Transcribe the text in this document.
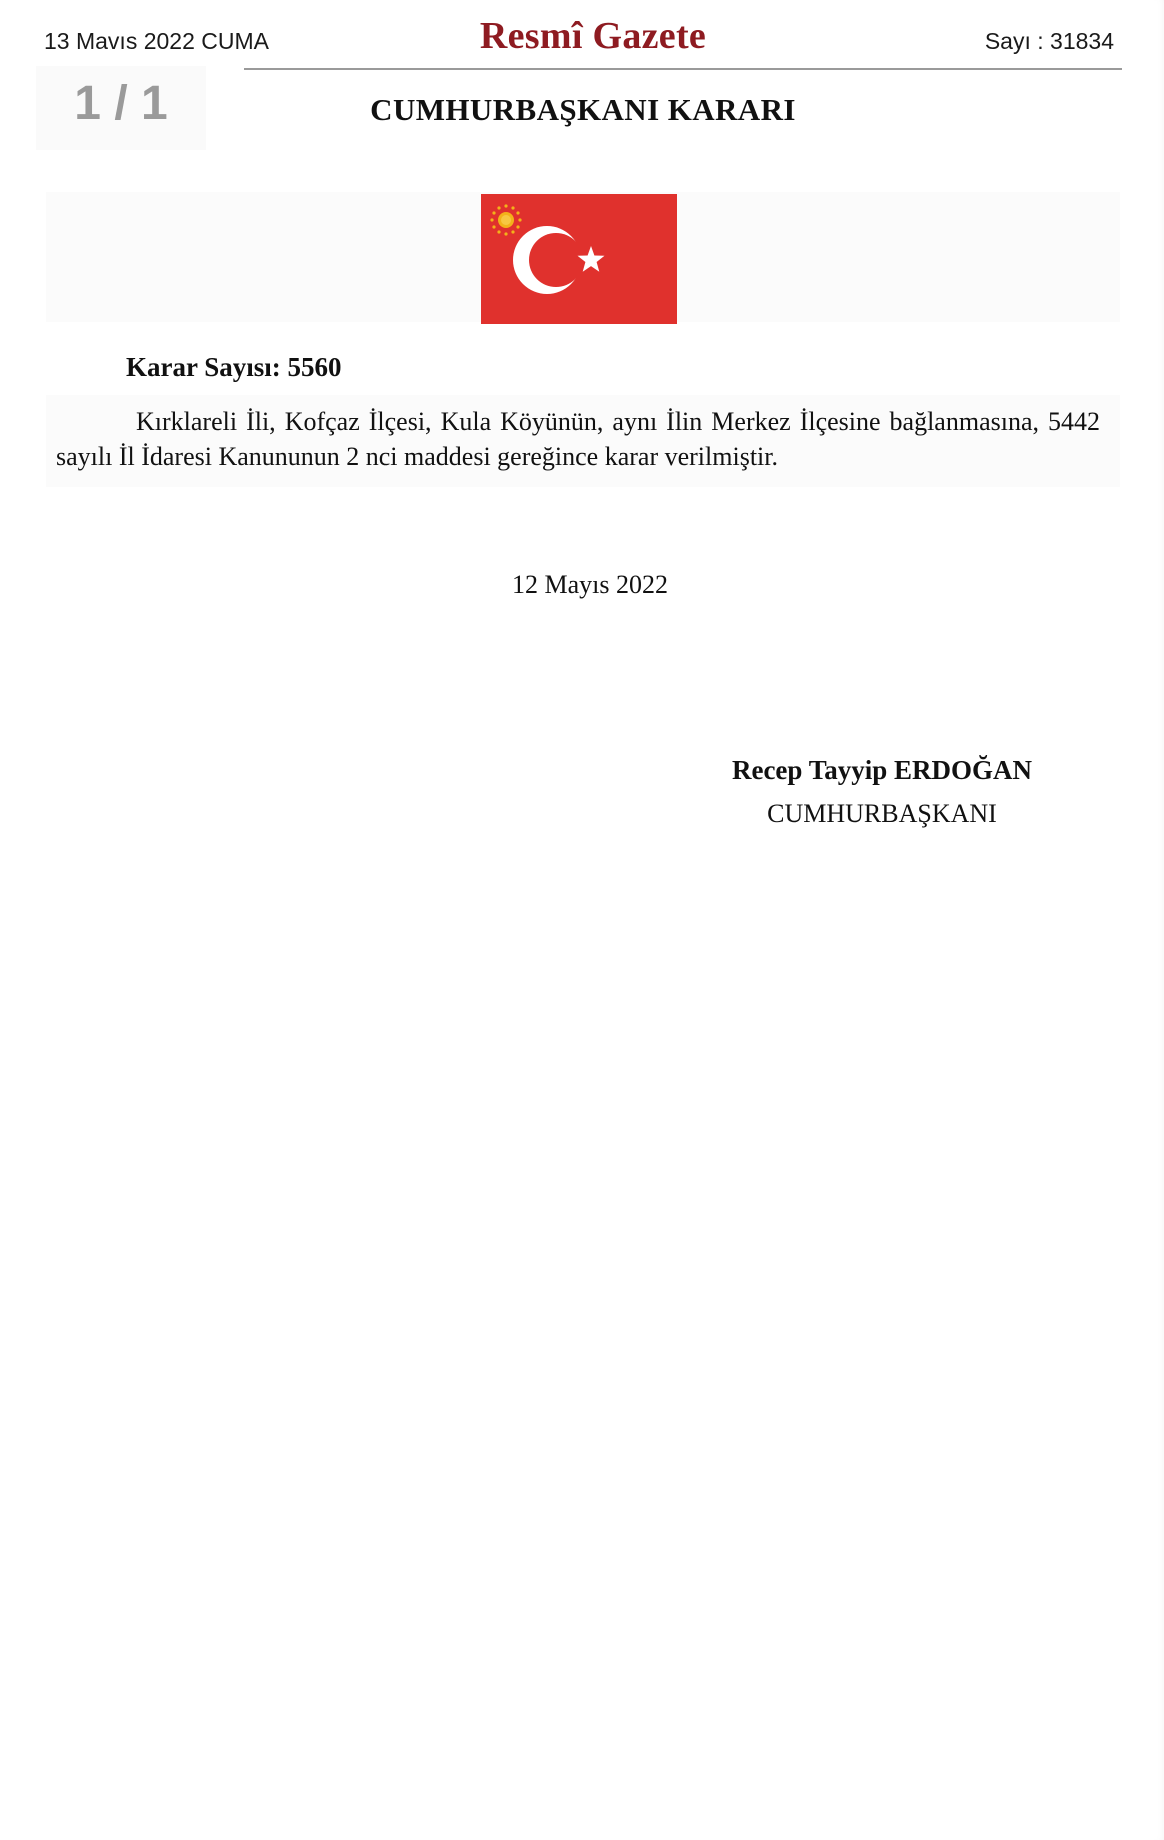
13 Mavıs 2022 CUMA	Resmî Gazete	Sayı : 31834
1 / 1	CUMHURBAŞKANI KARARI
Karar Sayısı: 5560

Kırklareli İli, Kofçaz İlçesi, Kula Köyünün, aynı İlin Merkez İlçesine bağlanmasına, 5442 sayılı İl İdaresi Kanununun 2 nci maddesi gereğince karar verilmiştir.

12 Mayıs 2022
Recep Tayyip ERDOĞAN
CUMHURBAŞKANI
